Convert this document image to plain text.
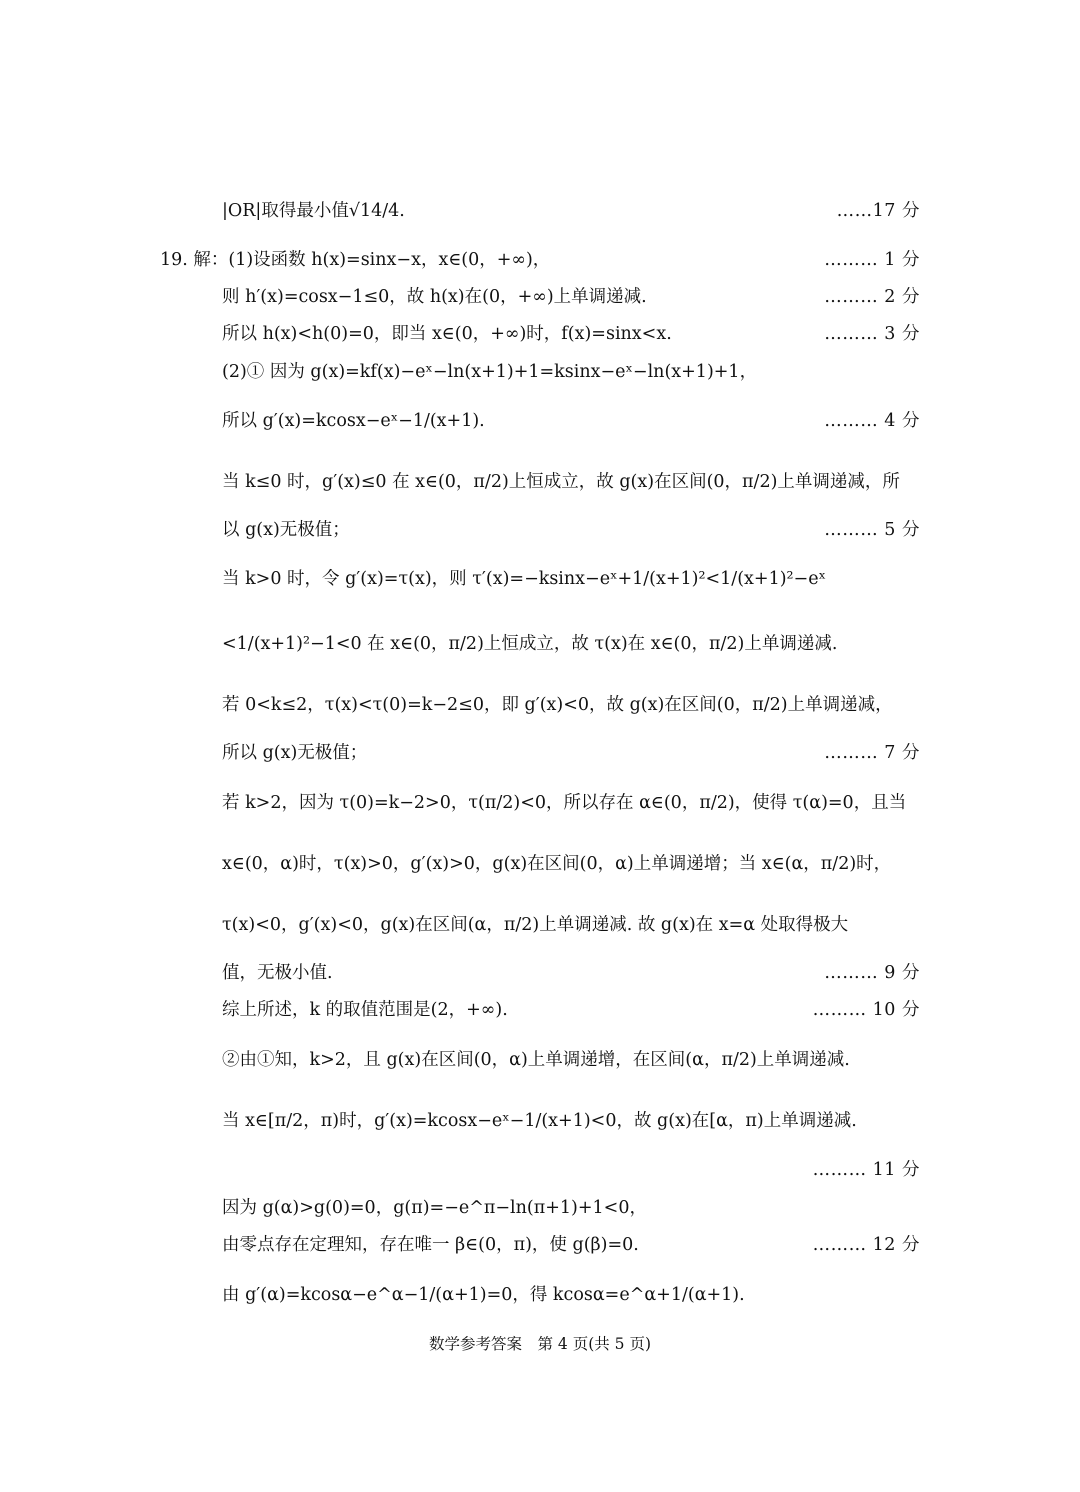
|OR|取得最小值√14/4.	……17 分
19. 解：(1)设函数 h(x)=sinx−x，x∈(0，+∞)，	……… 1 分
则 h′(x)=cosx−1≤0，故 h(x)在(0，+∞)上单调递减.	……… 2 分
所以 h(x)<h(0)=0，即当 x∈(0，+∞)时，f(x)=sinx<x.	……… 3 分
(2)① 因为 g(x)=kf(x)−eˣ−ln(x+1)+1=ksinx−eˣ−ln(x+1)+1，
所以 g′(x)=kcosx−eˣ−1/(x+1).	……… 4 分
当 k≤0 时，g′(x)≤0 在 x∈(0，π/2)上恒成立，故 g(x)在区间(0，π/2)上单调递减，所
以 g(x)无极值；	……… 5 分
当 k>0 时，令 g′(x)=τ(x)，则 τ′(x)=−ksinx−eˣ+1/(x+1)²<1/(x+1)²−eˣ
<1/(x+1)²−1<0 在 x∈(0，π/2)上恒成立，故 τ(x)在 x∈(0，π/2)上单调递减.
若 0<k≤2，τ(x)<τ(0)=k−2≤0，即 g′(x)<0，故 g(x)在区间(0，π/2)上单调递减，
所以 g(x)无极值；	……… 7 分
若 k>2，因为 τ(0)=k−2>0，τ(π/2)<0，所以存在 α∈(0，π/2)，使得 τ(α)=0，且当
x∈(0，α)时，τ(x)>0，g′(x)>0，g(x)在区间(0，α)上单调递增；当 x∈(α，π/2)时，
τ(x)<0，g′(x)<0，g(x)在区间(α，π/2)上单调递减. 故 g(x)在 x=α 处取得极大
值，无极小值.	……… 9 分
综上所述，k 的取值范围是(2，+∞).	……… 10 分
②由①知，k>2，且 g(x)在区间(0，α)上单调递增，在区间(α，π/2)上单调递减.
当 x∈[π/2，π)时，g′(x)=kcosx−eˣ−1/(x+1)<0，故 g(x)在[α，π)上单调递减.
……… 11 分
因为 g(α)>g(0)=0，g(π)=−e^π−ln(π+1)+1<0，
由零点存在定理知，存在唯一 β∈(0，π)，使 g(β)=0.	……… 12 分
由 g′(α)=kcosα−e^α−1/(α+1)=0，得 kcosα=e^α+1/(α+1).
数学参考答案　第 4 页(共 5 页)
